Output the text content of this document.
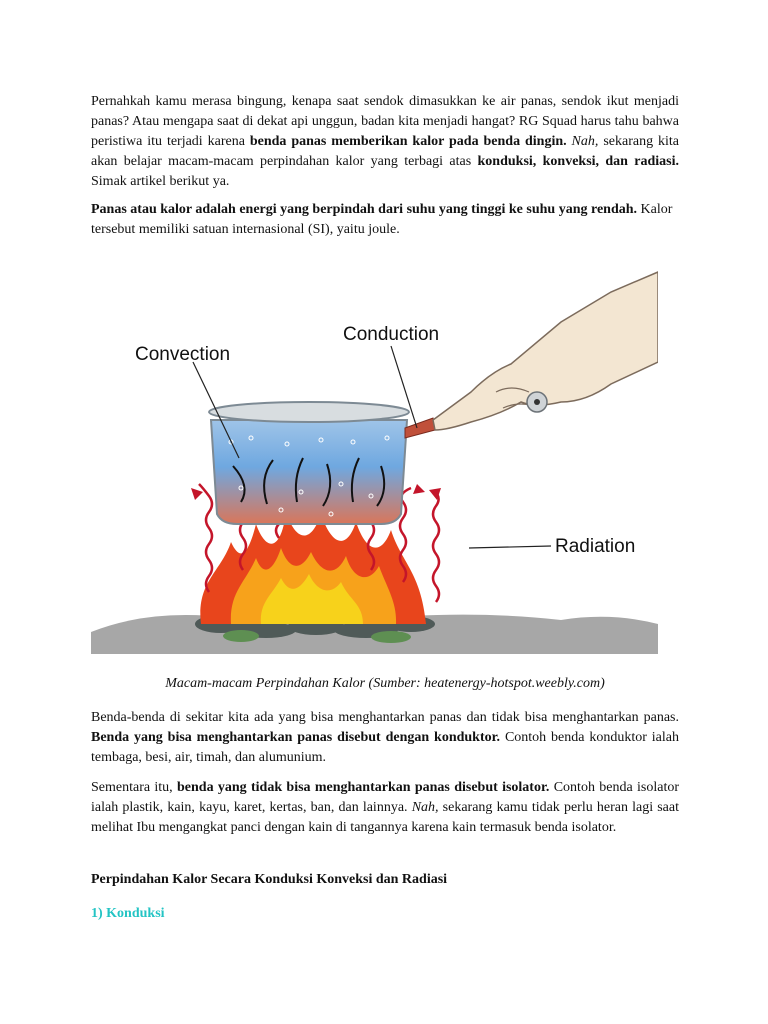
Pernahkah kamu merasa bingung, kenapa saat sendok dimasukkan ke air panas, sendok ikut menjadi panas? Atau mengapa saat di dekat api unggun, badan kita menjadi hangat? RG Squad harus tahu bahwa peristiwa itu terjadi karena benda panas memberikan kalor pada benda dingin. Nah, sekarang kita akan belajar macam-macam perpindahan kalor yang terbagi atas konduksi, konveksi, dan radiasi. Simak artikel berikut ya.

Panas atau kalor adalah energi yang berpindah dari suhu yang tinggi ke suhu yang rendah. Kalor tersebut memiliki satuan internasional (SI), yaitu joule.

Convection
Conduction
Radiation

Macam-macam Perpindahan Kalor (Sumber: heatenergy-hotspot.weebly.com)

Benda-benda di sekitar kita ada yang bisa menghantarkan panas dan tidak bisa menghantarkan panas. Benda yang bisa menghantarkan panas disebut dengan konduktor. Contoh benda konduktor ialah tembaga, besi, air, timah, dan alumunium.

Sementara itu, benda yang tidak bisa menghantarkan panas disebut isolator. Contoh benda isolator ialah plastik, kain, kayu, karet, kertas, ban, dan lainnya. Nah, sekarang kamu tidak perlu heran lagi saat melihat Ibu mengangkat panci dengan kain di tangannya karena kain termasuk benda isolator.

Perpindahan Kalor Secara Konduksi Konveksi dan Radiasi

1) Konduksi
